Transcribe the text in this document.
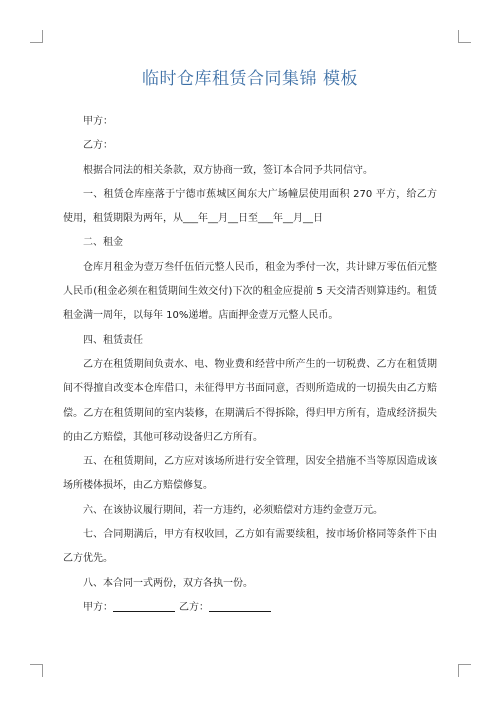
临时仓库租赁合同集锦 模板

甲方：

乙方：

根据合同法的相关条款，双方协商一致，签订本合同予共同信守。

一、租赁仓库座落于宁德市蕉城区闽东大广场幢层使用面积 270 平方，给乙方使用，租赁期限为两年，从___年__月__日至___年__月__日

二、租金

仓库月租金为壹万叁仟伍佰元整人民币，租金为季付一次，共计肆万零伍佰元整人民币(租金必须在租赁期间生效交付)下次的租金应提前 5 天交清否则算违约。租赁租金满一周年，以每年 10%递增。店面押金壹万元整人民币。

四、租赁责任

乙方在租赁期间负责水、电、物业费和经营中所产生的一切税费、乙方在租赁期间不得擅自改变本仓库借口，未征得甲方书面同意，否则所造成的一切损失由乙方赔偿。乙方在租赁期间的室内装修，在期满后不得拆除，得归甲方所有，造成经济损失的由乙方赔偿，其他可移动设备归乙方所有。

五、在租赁期间，乙方应对该场所进行安全管理，因安全措施不当等原因造成该场所楼体损坏，由乙方赔偿修复。

六、在该协议履行期间，若一方违约，必须赔偿对方违约金壹万元。

七、合同期满后，甲方有权收回，乙方如有需要续租，按市场价格同等条件下由乙方优先。

八、本合同一式两份，双方各执一份。

甲方：	乙方：
